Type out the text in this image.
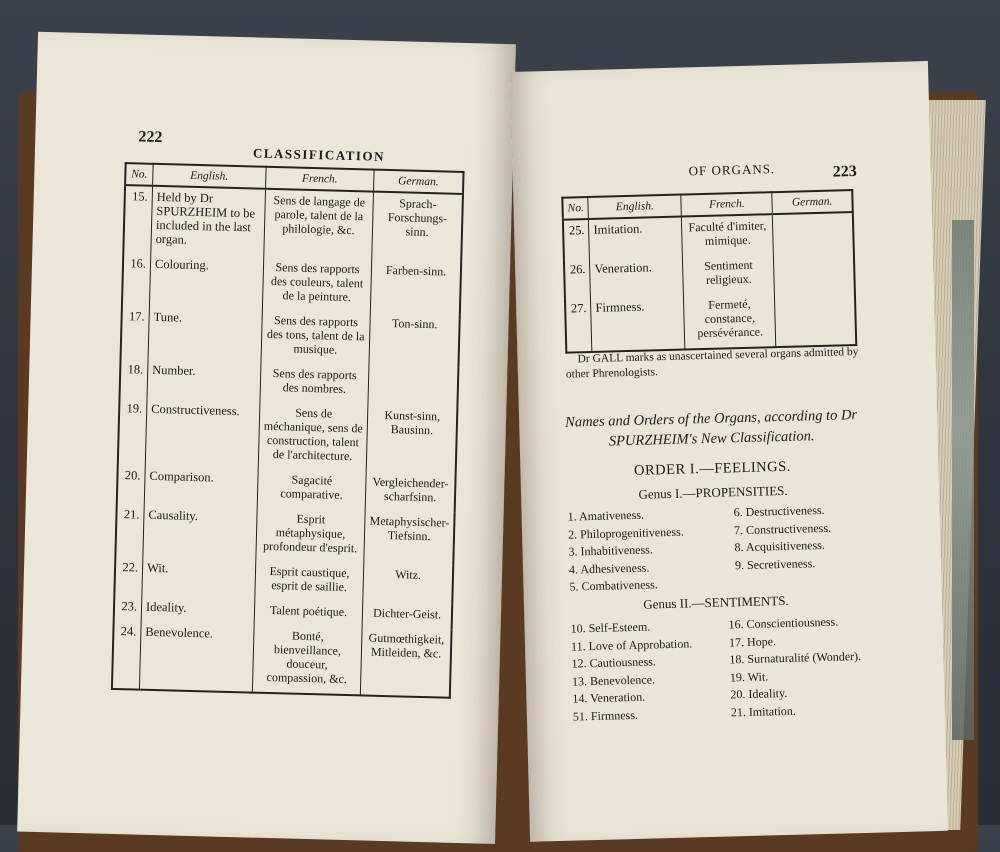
222
CLASSIFICATION
No.	English.	French.	German.
15.	Held by Dr SPURZHEIM to be included in the last organ.	Sens de langage de parole, talent de la philologie, &c.	Sprach-Forschungs-sinn.
16.	Colouring.	Sens des rapports des couleurs, talent de la peinture.	Farben-sinn.
17.	Tune.	Sens des rapports des tons, talent de la musique.	Ton-sinn.
18.	Number.	Sens des rapports des nombres.	
19.	Constructiveness.	Sens de méchanique, sens de construction, talent de l'architecture.	Kunst-sinn, Bausinn.
20.	Comparison.	Sagacité comparative.	Vergleichender-scharfsinn.
21.	Causality.	Esprit métaphysique, profondeur d'esprit.	Metaphysischer-Tiefsinn.
22.	Wit.	Esprit caustique, esprit de saillie.	Witz.
23.	Ideality.	Talent poétique.	Dichter-Geist.
24.	Benevolence.	Bonté, bienveillance, douceur, compassion, &c.	Gutmœthigkeit, Mitleiden, &c.
OF ORGANS.	223
No.	English.	French.	German.
25.	Imitation.	Faculté d'imiter, mimique.	
26.	Veneration.	Sentiment religieux.	
27.	Firmness.	Fermeté, constance, persévérance.	
Dr GALL marks as unascertained several organs admitted by other Phrenologists.
Names and Orders of the Organs, according to Dr SPURZHEIM's New Classification.
ORDER I.—FEELINGS.
Genus I.—PROPENSITIES.
1. Amativeness.
2. Philoprogenitiveness.
3. Inhabitiveness.
4. Adhesiveness.
5. Combativeness.
6. Destructiveness.
7. Constructiveness.
8. Acquisitiveness.
9. Secretiveness.
Genus II.—SENTIMENTS.
10. Self-Esteem.
11. Love of Approbation.
12. Cautiousness.
13. Benevolence.
14. Veneration.
51. Firmness.
16. Conscientiousness.
17. Hope.
18. Surnaturalité (Wonder).
19. Wit.
20. Ideality.
21. Imitation.
